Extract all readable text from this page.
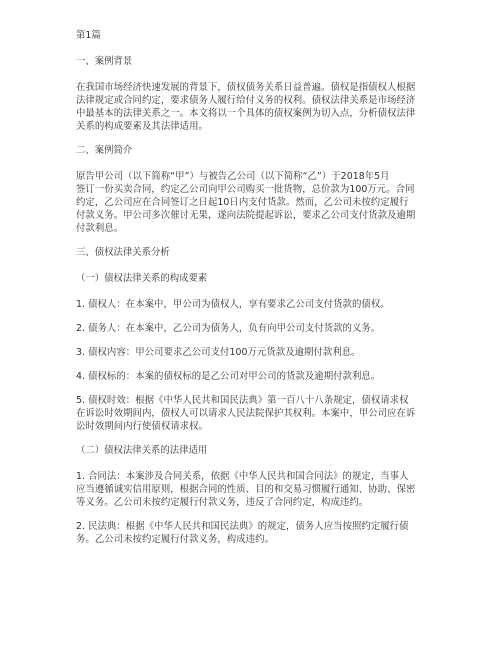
第1篇

一、案例背景

在我国市场经济快速发展的背景下，债权债务关系日益普遍。债权是指债权人根据

法律规定或合同约定，要求债务人履行给付义务的权利。债权法律关系是市场经济

中最基本的法律关系之一。本文将以一个具体的债权案例为切入点，分析债权法律

关系的构成要素及其法律适用。

二、案例简介

原告甲公司（以下简称“甲”）与被告乙公司（以下简称“乙”）于2018年5月

签订一份买卖合同，约定乙公司向甲公司购买一批货物，总价款为100万元。合同

约定，乙公司应在合同签订之日起10日内支付货款。然而，乙公司未按约定履行

付款义务。甲公司多次催讨无果，遂向法院提起诉讼，要求乙公司支付货款及逾期

付款利息。

三、债权法律关系分析

（一）债权法律关系的构成要素

1. 债权人：在本案中，甲公司为债权人，享有要求乙公司支付货款的债权。

2. 债务人：在本案中，乙公司为债务人，负有向甲公司支付货款的义务。

3. 债权内容：甲公司要求乙公司支付100万元货款及逾期付款利息。

4. 债权标的：本案的债权标的是乙公司对甲公司的货款及逾期付款利息。

5. 债权时效：根据《中华人民共和国民法典》第一百八十八条规定，债权请求权

在诉讼时效期间内，债权人可以请求人民法院保护其权利。本案中，甲公司应在诉

讼时效期间内行使债权请求权。

（二）债权法律关系的法律适用

1. 合同法：本案涉及合同关系，依据《中华人民共和国合同法》的规定，当事人

应当遵循诚实信用原则，根据合同的性质、目的和交易习惯履行通知、协助、保密

等义务。乙公司未按约定履行付款义务，违反了合同约定，构成违约。

2. 民法典：根据《中华人民共和国民法典》的规定，债务人应当按照约定履行债

务。乙公司未按约定履行付款义务，构成违约。
